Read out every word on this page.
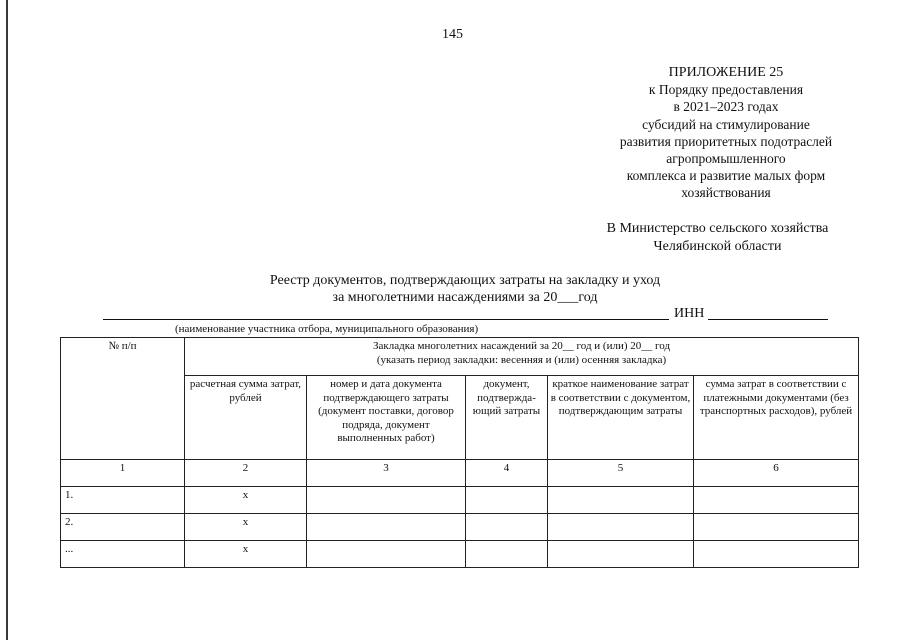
145
ПРИЛОЖЕНИЕ 25
к Порядку предоставления
в 2021–2023 годах
субсидий на стимулирование
развития приоритетных подотраслей
агропромышленного
комплекса и развитие малых форм
хозяйствования
В Министерство сельского хозяйства
Челябинской области
Реестр документов, подтверждающих затраты на закладку и уход
за многолетними насаждениями за 20___год
ИНН
(наименование участника отбора, муниципального образования)
№ п/п	Закладка многолетних насаждений за 20__ год и (или) 20__ год
(указать период закладки: весенняя и (или) осенняя закладка)				

	расчетная сумма затрат, рублей	номер и дата документа подтверждающего затраты (документ поставки, договор подряда, документ выполненных работ)	документ, подтвержда-ющий затраты	краткое наименование затрат в соответствии с документом, подтверждающим затраты	сумма затрат в соответствии с платежными документами (без транспортных расходов), рублей
1	2	3	4	5	6
1.	x				
2.	x				
...	x				
